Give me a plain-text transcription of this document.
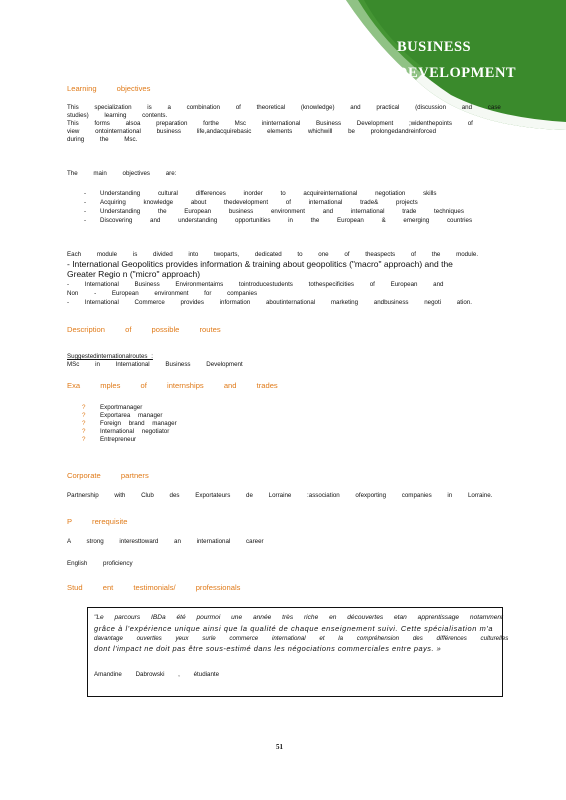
BUSINESS
DEVELOPMENT
Learning objectives
This specialization is a combination of theoretical (knowledge) and practical (discussion and case
studies) learning contents.
This forms alsoa preparation forthe Msc ininternational Business Development ;widenthepoints of
view ontointernational business life,andacquirebasic elements whichwill be prolongedandreinforced
during the Msc.
The main objectives are:
- Understanding cultural differences inorder to acquireinternational negotiation skills
- Acquiring knowledge about thedevelopment of international trade& projects
- Understanding the European business environment and international trade techniques
- Discovering and understanding opportunities in the European & emerging countries
Each module is divided into twoparts, dedicated to one of theaspects of the module.
- International Geopolitics provides information & training about geopolitics ("macro" approach) and the
Greater Regio n ("micro" approach)
- International Business Environmentaims tointroducestudents tothespecificities of European and
Non - European environment for companies
- International Commerce provides information aboutinternational marketing andbusiness negoti ation.
Description of possible routes
Suggestedinternationalroutes :
MSc in International Business Development
Exa mples of internships and trades
? Exportmanager
? Exportarea manager
? Foreign brand manager
? International negotiator
? Entrepreneur
Corporate partners
Partnership with Club des Exportateurs de Lorraine :association ofexporting companies in Lorraine.
P rerequisite
A strong interesttoward an international career
English proficiency
Stud ent testimonials/ professionals
"Le parcours IBDa été pourmoi une année très riche en découvertes etan apprentissage notamment
grâce à l'expérience unique ainsi que la qualité de chaque enseignement suivi. Cette spécialisation m'a
davantage ouvertles yeux surle commerce international et la compréhension des différences culturelles
dont l'impact ne doit pas être sous-estimé dans les négociations commerciales entre pays. »
Amandine Dabrowski , étudiante
51
